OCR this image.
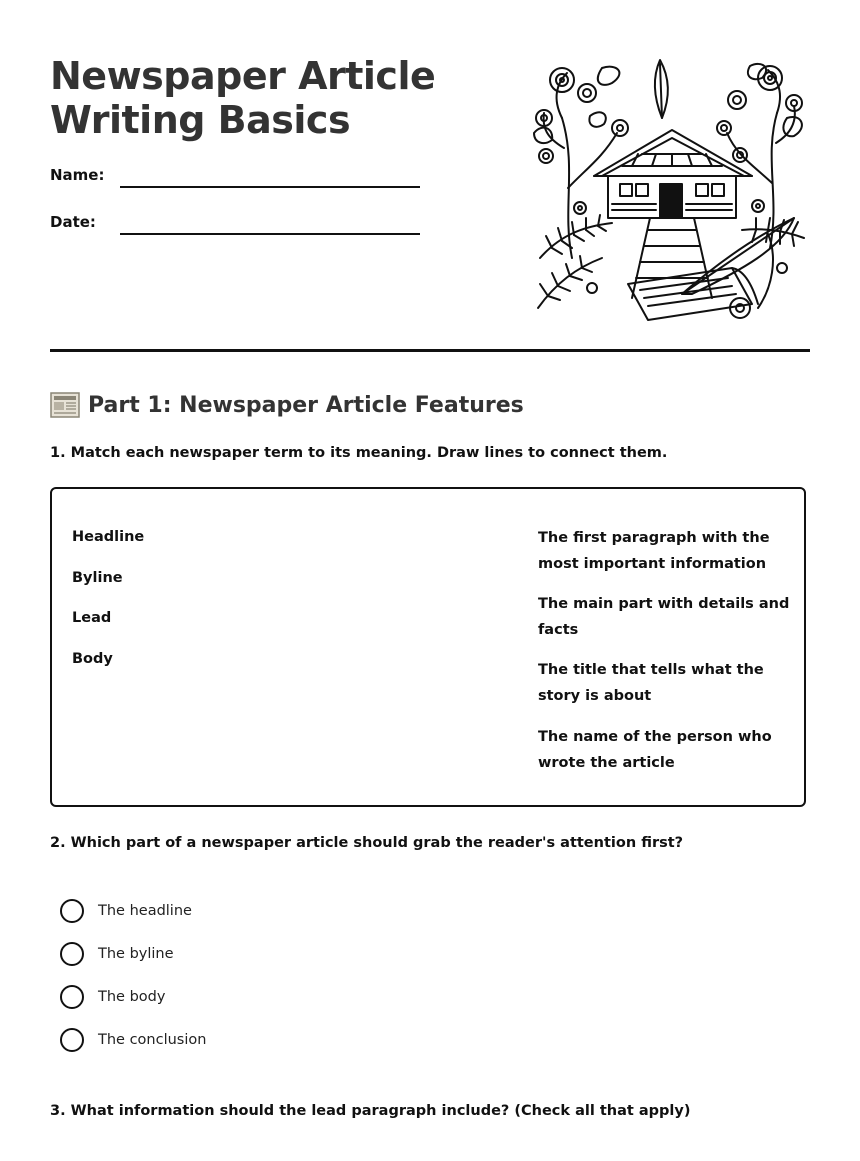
Newspaper Article
Writing Basics
Name:
Date:
Part 1: Newspaper Article Features
1. Match each newspaper term to its meaning. Draw lines to connect them.
Headline
Byline
Lead
Body
The first paragraph with the most important information
The main part with details and facts
The title that tells what the story is about
The name of the person who wrote the article
2. Which part of a newspaper article should grab the reader's attention first?
The headline
The byline
The body
The conclusion
3. What information should the lead paragraph include? (Check all that apply)
